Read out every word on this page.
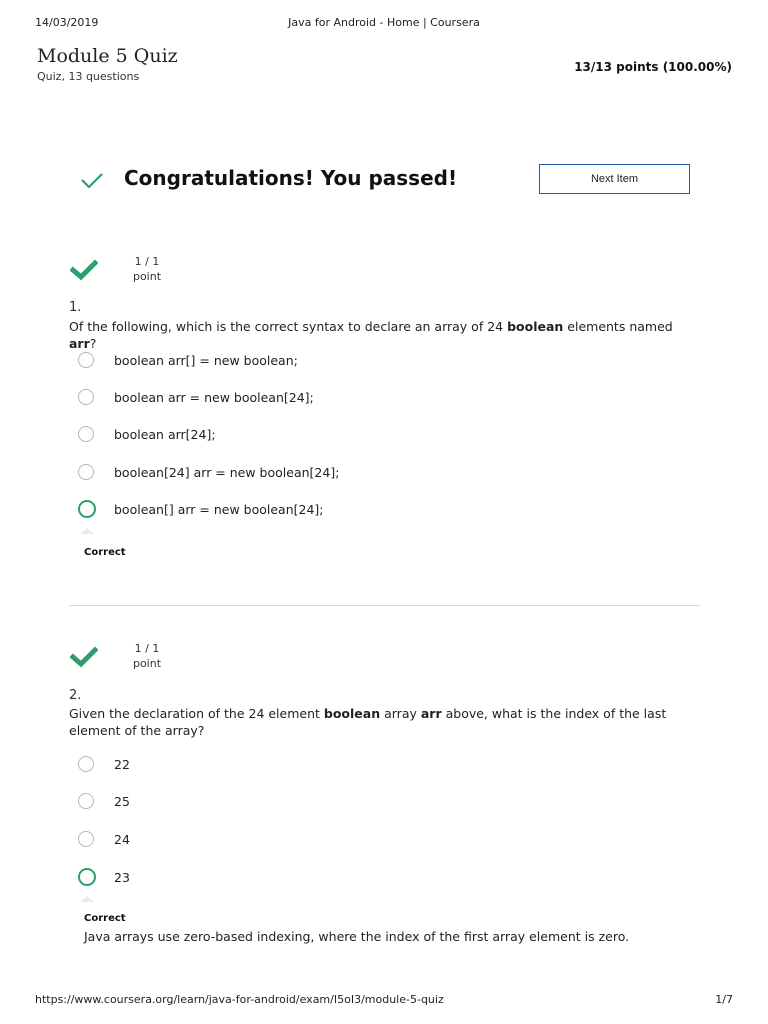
14/03/2019	Java for Android - Home | Coursera
Module 5 Quiz
Quiz, 13 questions
13/13 points (100.00%)
Congratulations! You passed!	Next Item
1 / 1
point
1.
Of the following, which is the correct syntax to declare an array of 24 boolean elements named arr?
boolean arr[] = new boolean;
boolean arr = new boolean[24];
boolean arr[24];
boolean[24] arr = new boolean[24];
boolean[] arr = new boolean[24];
Correct
1 / 1
point
2.
Given the declaration of the 24 element boolean array arr above, what is the index of the last element of the array?
22
25
24
23
Correct
Java arrays use zero-based indexing, where the index of the first array element is zero.
https://www.coursera.org/learn/java-for-android/exam/I5oI3/module-5-quiz	1/7
